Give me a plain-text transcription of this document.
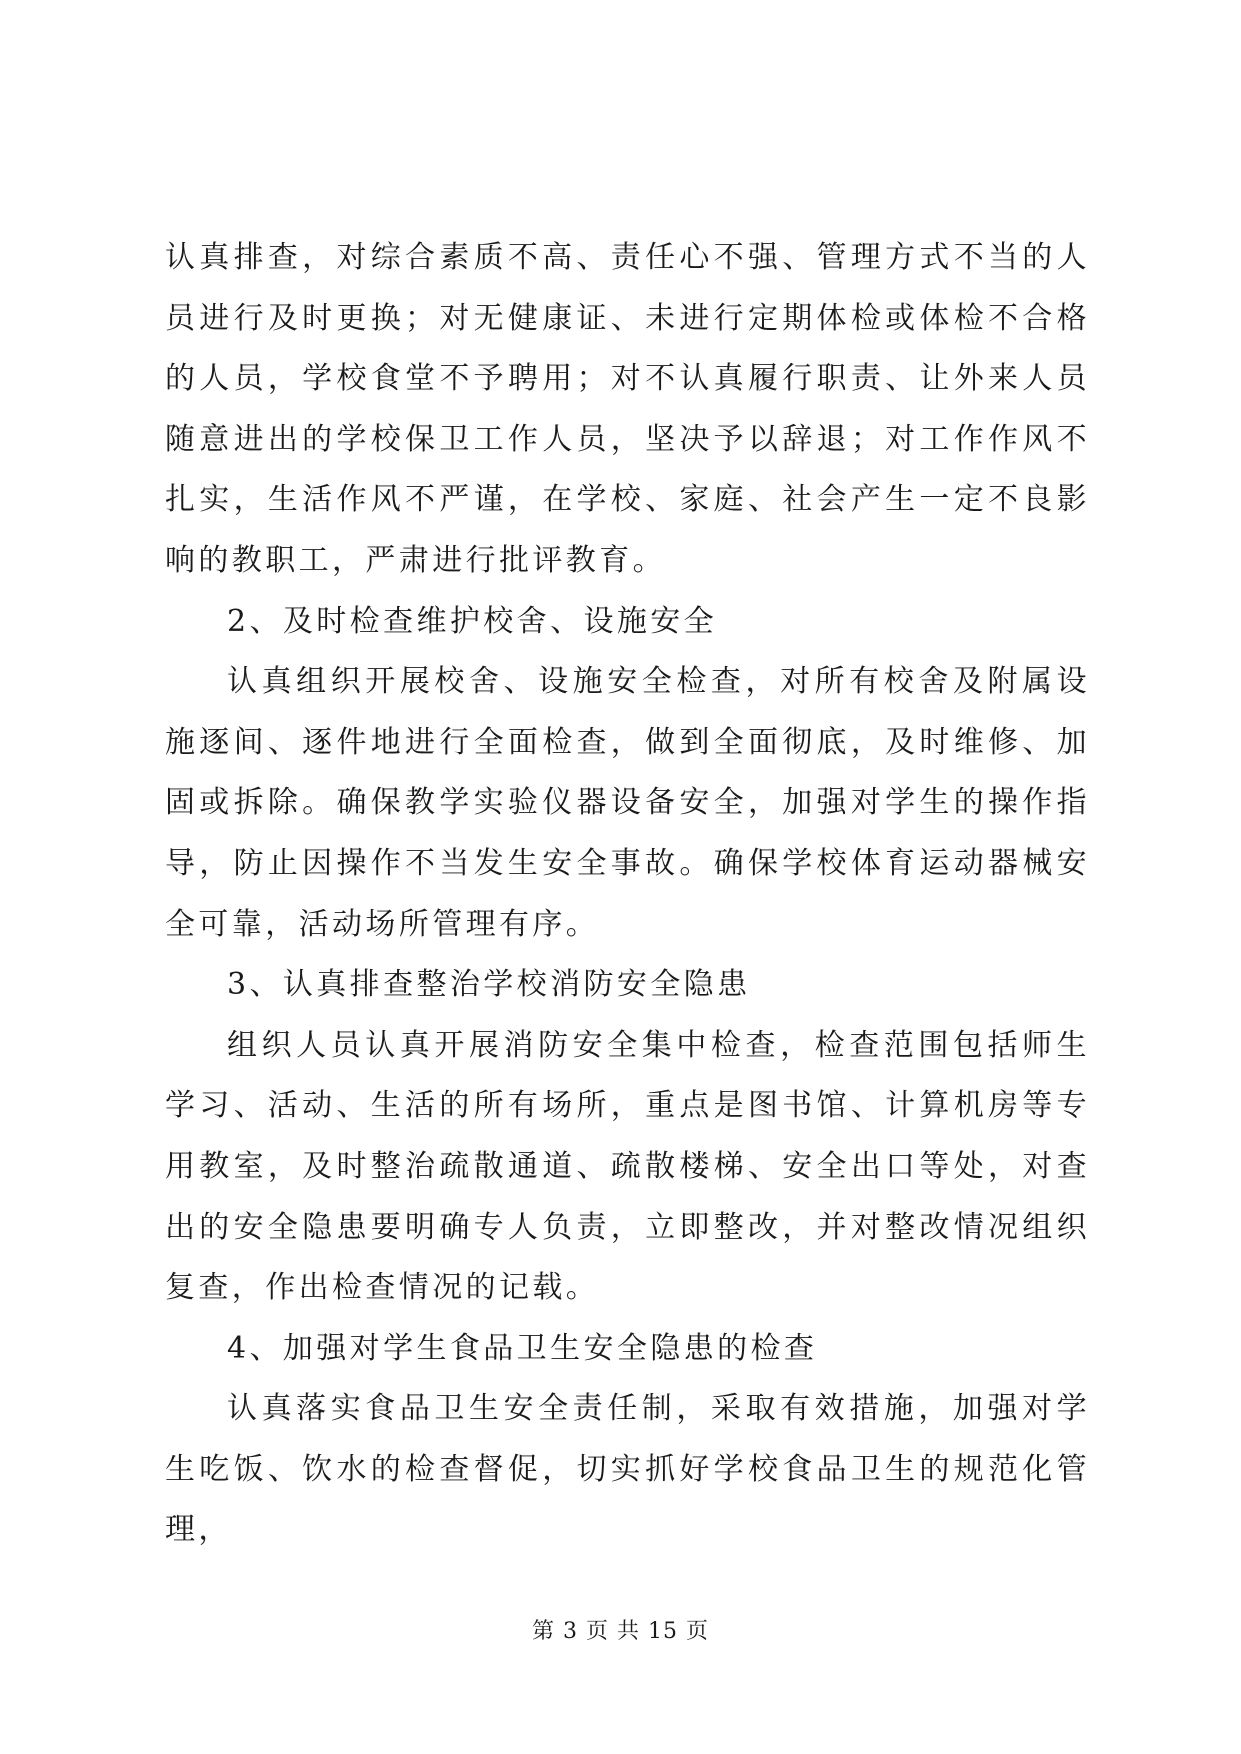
认真排查，对综合素质不高、责任心不强、管理方式不当的人员进行及时更换；对无健康证、未进行定期体检或体检不合格的人员，学校食堂不予聘用；对不认真履行职责、让外来人员随意进出的学校保卫工作人员，坚决予以辞退；对工作作风不扎实，生活作风不严谨，在学校、家庭、社会产生一定不良影响的教职工，严肃进行批评教育。

2、及时检查维护校舍、设施安全

认真组织开展校舍、设施安全检查，对所有校舍及附属设施逐间、逐件地进行全面检查，做到全面彻底，及时维修、加固或拆除。确保教学实验仪器设备安全，加强对学生的操作指导，防止因操作不当发生安全事故。确保学校体育运动器械安全可靠，活动场所管理有序。

3、认真排查整治学校消防安全隐患

组织人员认真开展消防安全集中检查，检查范围包括师生学习、活动、生活的所有场所，重点是图书馆、计算机房等专用教室，及时整治疏散通道、疏散楼梯、安全出口等处，对查出的安全隐患要明确专人负责，立即整改，并对整改情况组织复查，作出检查情况的记载。

4、加强对学生食品卫生安全隐患的检查

认真落实食品卫生安全责任制，采取有效措施，加强对学生吃饭、饮水的检查督促，切实抓好学校食品卫生的规范化管理，

第 3 页 共 15 页
